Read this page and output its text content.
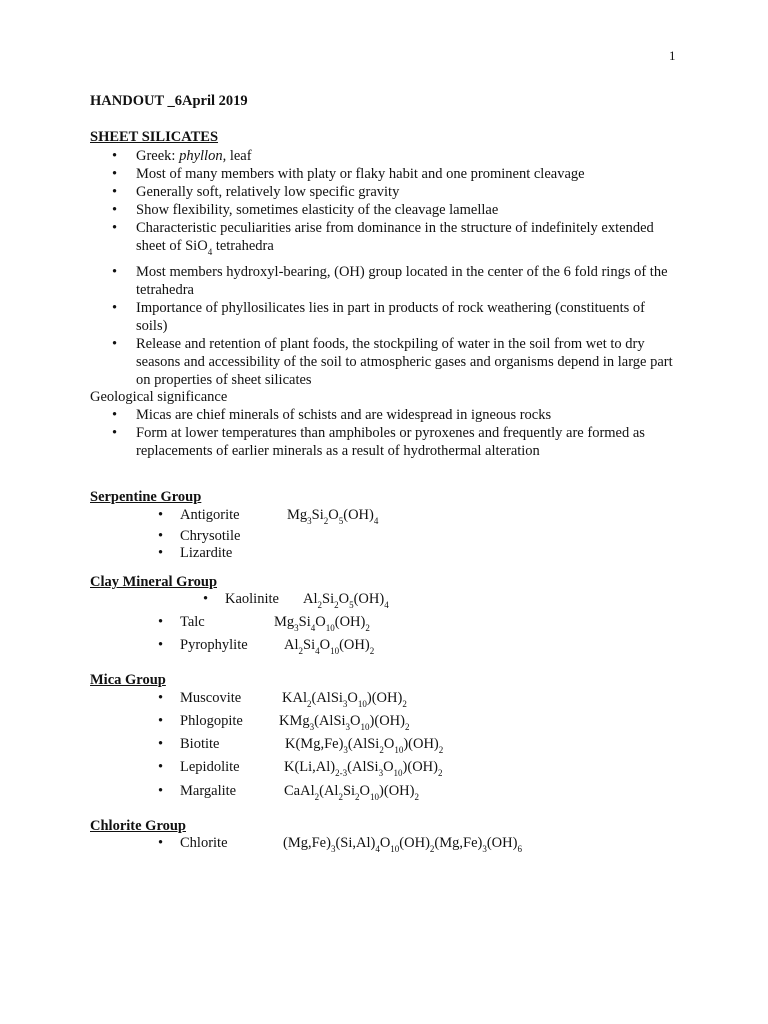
1
HANDOUT _6April 2019
SHEET SILICATES
• Greek: phyllon, leaf
• Most of many members with platy or flaky habit and one prominent cleavage
• Generally soft, relatively low specific gravity
• Show flexibility, sometimes elasticity of the cleavage lamellae
• Characteristic peculiarities arise from dominance in the structure of indefinitely extended sheet of SiO$_4$ tetrahedra
• Most members hydroxyl-bearing, (OH) group located in the center of the 6 fold rings of the tetrahedra
• Importance of phyllosilicates lies in part in products of rock weathering (constituents of soils)
• Release and retention of plant foods, the stockpiling of water in the soil from wet to dry seasons and accessibility of the soil to atmospheric gases and organisms depend in large part on properties of sheet silicates
Geological significance
• Micas are chief minerals of schists and are widespread in igneous rocks
• Form at lower temperatures than amphiboles or pyroxenes and frequently are formed as replacements of earlier minerals as a result of hydrothermal alteration
Serpentine Group
• Antigorite	$Mg_3Si_2O_5(OH)_4$
• Chrysotile
• Lizardite
Clay Mineral Group
• Kaolinite $Al_2Si_2O_5(OH)_4$
• Talc	$Mg_3Si_4O_{10}(OH)_2$
• Pyrophylite	$Al_2Si_4O_{10}(OH)_2$
Mica Group
• Muscovite	$KAl_2(AlSi_3O_{10})(OH)_2$
• Phlogopite $KMg_3(AlSi_3O_{10})(OH)_2$
• Biotite	$K(Mg,Fe)_3(AlSi_2O_{10})(OH)_2$
• Lepidolite	$K(Li,Al)_{2-3}(AlSi_3O_{10})(OH)_2$
• Margalite	$CaAl_2(Al_2Si_2O_{10})(OH)_2$
Chlorite Group
• Chlorite	$(Mg,Fe)_3(Si,Al)_4O_{10}(OH)_2(Mg,Fe)_3(OH)_6$
